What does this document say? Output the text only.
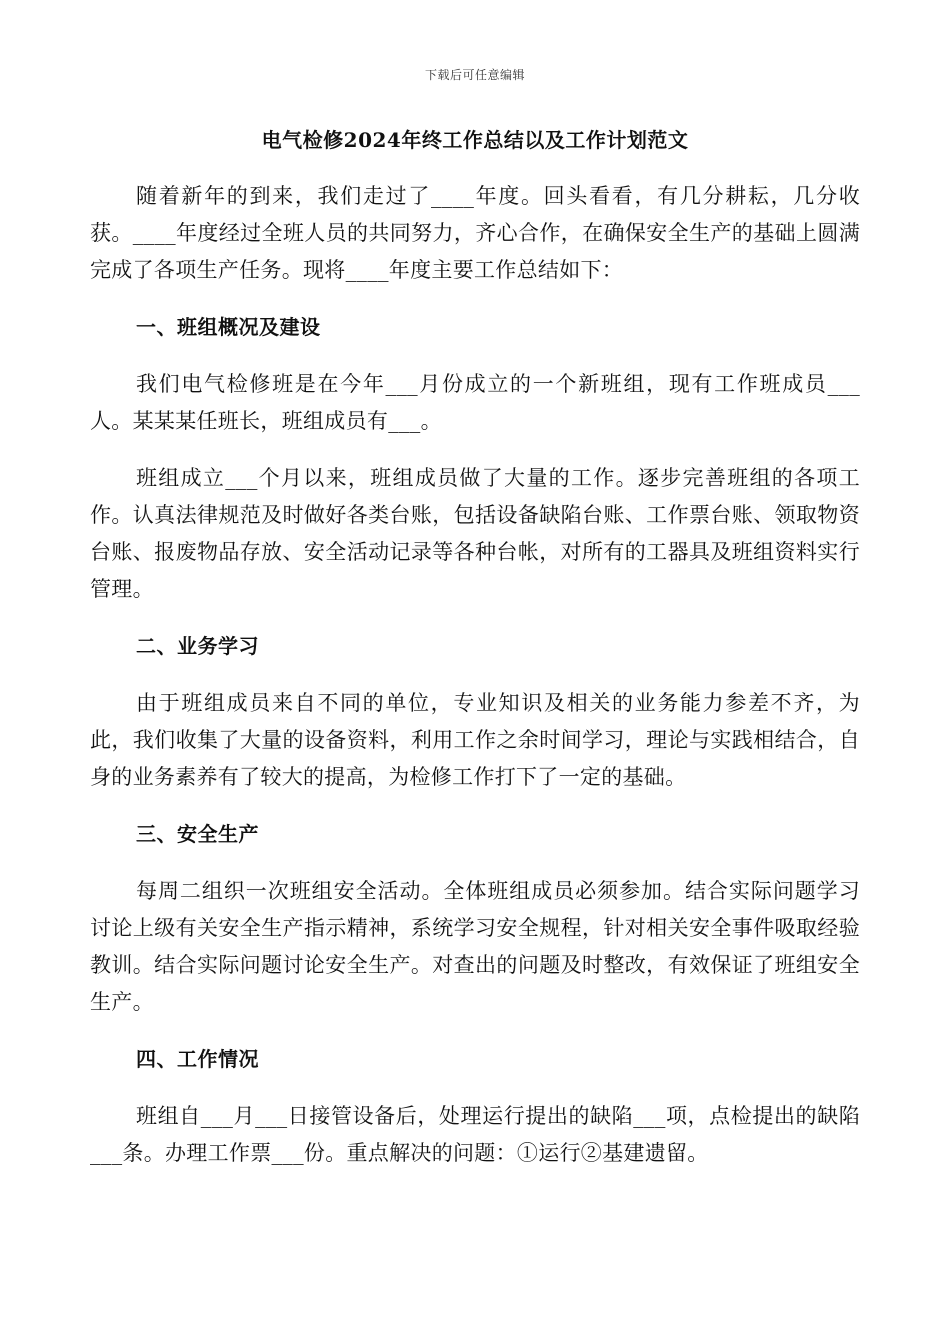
下载后可任意编辑
电气检修2024年终工作总结以及工作计划范文

随着新年的到来，我们走过了____年度。回头看看，有几分耕耘，几分收获。____年度经过全班人员的共同努力，齐心合作，在确保安全生产的基础上圆满完成了各项生产任务。现将____年度主要工作总结如下：

一、班组概况及建设

我们电气检修班是在今年___月份成立的一个新班组，现有工作班成员___人。某某某任班长，班组成员有___。

班组成立___个月以来，班组成员做了大量的工作。逐步完善班组的各项工作。认真法律规范及时做好各类台账，包括设备缺陷台账、工作票台账、领取物资台账、报废物品存放、安全活动记录等各种台帐，对所有的工器具及班组资料实行管理。

二、业务学习

由于班组成员来自不同的单位，专业知识及相关的业务能力参差不齐，为此，我们收集了大量的设备资料，利用工作之余时间学习，理论与实践相结合，自身的业务素养有了较大的提高，为检修工作打下了一定的基础。

三、安全生产

每周二组织一次班组安全活动。全体班组成员必须参加。结合实际问题学习讨论上级有关安全生产指示精神，系统学习安全规程，针对相关安全事件吸取经验教训。结合实际问题讨论安全生产。对查出的问题及时整改，有效保证了班组安全生产。

四、工作情况

班组自___月___日接管设备后，处理运行提出的缺陷___项，点检提出的缺陷___条。办理工作票___份。重点解决的问题：①运行②基建遗留。
